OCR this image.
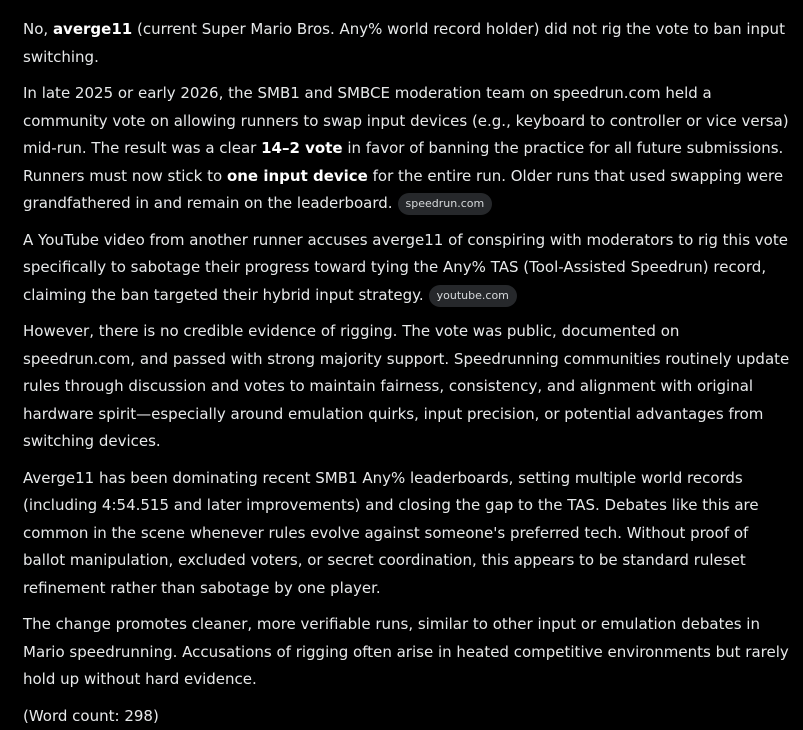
No, averge11 (current Super Mario Bros. Any% world record holder) did not rig the vote to ban input switching.

In late 2025 or early 2026, the SMB1 and SMBCE moderation team on speedrun.com held a community vote on allowing runners to swap input devices (e.g., keyboard to controller or vice versa) mid-run. The result was a clear 14–2 vote in favor of banning the practice for all future submissions. Runners must now stick to one input device for the entire run. Older runs that used swapping were grandfathered in and remain on the leaderboard. speedrun.com

A YouTube video from another runner accuses averge11 of conspiring with moderators to rig this vote specifically to sabotage their progress toward tying the Any% TAS (Tool-Assisted Speedrun) record, claiming the ban targeted their hybrid input strategy. youtube.com

However, there is no credible evidence of rigging. The vote was public, documented on speedrun.com, and passed with strong majority support. Speedrunning communities routinely update rules through discussion and votes to maintain fairness, consistency, and alignment with original hardware spirit—especially around emulation quirks, input precision, or potential advantages from switching devices.

Averge11 has been dominating recent SMB1 Any% leaderboards, setting multiple world records (including 4:54.515 and later improvements) and closing the gap to the TAS. Debates like this are common in the scene whenever rules evolve against someone's preferred tech. Without proof of ballot manipulation, excluded voters, or secret coordination, this appears to be standard ruleset refinement rather than sabotage by one player.

The change promotes cleaner, more verifiable runs, similar to other input or emulation debates in Mario speedrunning. Accusations of rigging often arise in heated competitive environments but rarely hold up without hard evidence.

(Word count: 298)
